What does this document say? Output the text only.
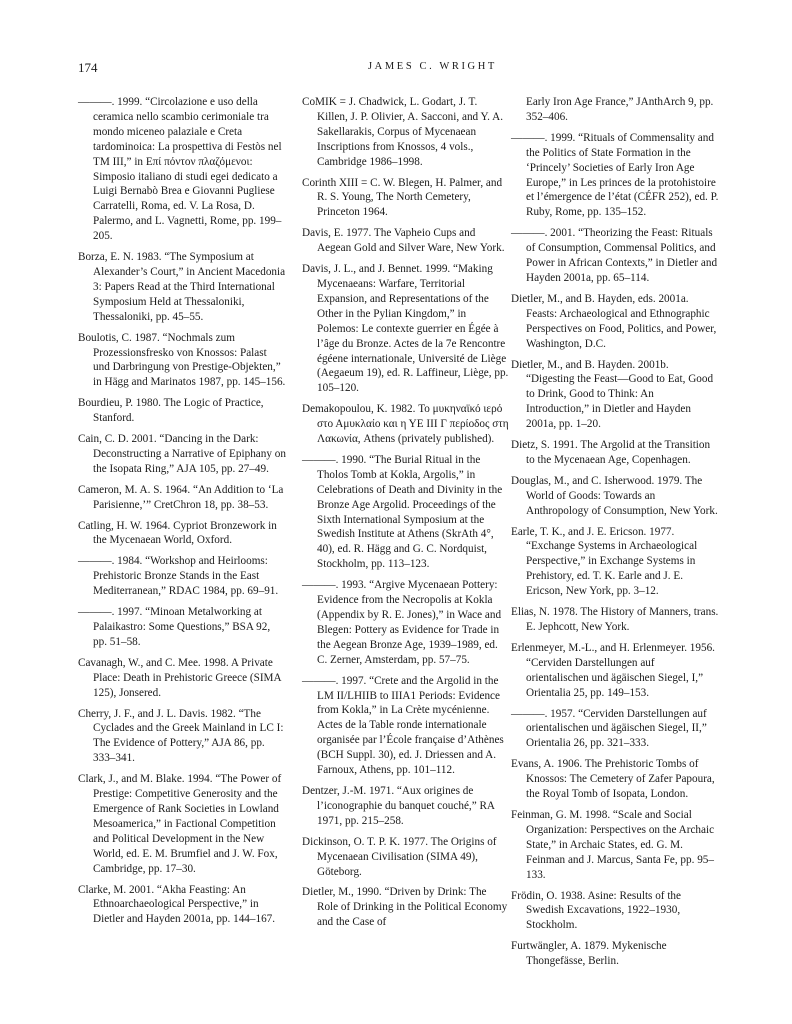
174	JAMES C. WRIGHT

———. 1999. “Circolazione e uso della ceramica nello scambio cerimoniale tra mondo miceneo palaziale e Creta tardominoica: La prospettiva di Festòs nel TM III,” in Επί πόντον πλαζόμενοι: Simposio italiano di studi egei dedicato a Luigi Bernabò Brea e Giovanni Pugliese Carratelli, Roma, ed. V. La Rosa, D. Palermo, and L. Vagnetti, Rome, pp. 199–205.

Borza, E. N. 1983. “The Symposium at Alexander’s Court,” in Ancient Macedonia 3: Papers Read at the Third International Symposium Held at Thessaloniki, Thessaloniki, pp. 45–55.

Boulotis, C. 1987. “Nochmals zum Prozessionsfresko von Knossos: Palast und Darbringung von Prestige-Objekten,” in Hägg and Marinatos 1987, pp. 145–156.

Bourdieu, P. 1980. The Logic of Practice, Stanford.

Cain, C. D. 2001. “Dancing in the Dark: Deconstructing a Narrative of Epiphany on the Isopata Ring,” AJA 105, pp. 27–49.

Cameron, M. A. S. 1964. “An Addition to ‘La Parisienne,’” CretChron 18, pp. 38–53.

Catling, H. W. 1964. Cypriot Bronzework in the Mycenaean World, Oxford.

———. 1984. “Workshop and Heirlooms: Prehistoric Bronze Stands in the East Mediterranean,” RDAC 1984, pp. 69–91.

———. 1997. “Minoan Metalworking at Palaikastro: Some Questions,” BSA 92, pp. 51–58.

Cavanagh, W., and C. Mee. 1998. A Private Place: Death in Prehistoric Greece (SIMA 125), Jonsered.

Cherry, J. F., and J. L. Davis. 1982. “The Cyclades and the Greek Mainland in LC I: The Evidence of Pottery,” AJA 86, pp. 333–341.

Clark, J., and M. Blake. 1994. “The Power of Prestige: Competitive Generosity and the Emergence of Rank Societies in Lowland Mesoamerica,” in Factional Competition and Political Development in the New World, ed. E. M. Brumfiel and J. W. Fox, Cambridge, pp. 17–30.

Clarke, M. 2001. “Akha Feasting: An Ethnoarchaeological Perspective,” in Dietler and Hayden 2001a, pp. 144–167.

CoMIK = J. Chadwick, L. Godart, J. T. Killen, J. P. Olivier, A. Sacconi, and Y. A. Sakellarakis, Corpus of Mycenaean Inscriptions from Knossos, 4 vols., Cambridge 1986–1998.

Corinth XIII = C. W. Blegen, H. Palmer, and R. S. Young, The North Cemetery, Princeton 1964.

Davis, E. 1977. The Vapheio Cups and Aegean Gold and Silver Ware, New York.

Davis, J. L., and J. Bennet. 1999. “Making Mycenaeans: Warfare, Territorial Expansion, and Representations of the Other in the Pylian Kingdom,” in Polemos: Le contexte guerrier en Égée à l’âge du Bronze. Actes de la 7e Rencontre égéene internationale, Université de Liège (Aegaeum 19), ed. R. Laffineur, Liège, pp. 105–120.

Demakopoulou, K. 1982. Το μυκηναϊκό ιερό στο Αμυκλαίο και η ΥΕ ΙΙΙ Γ περίοδος στη Λακωνία, Athens (privately published).

———. 1990. “The Burial Ritual in the Tholos Tomb at Kokla, Argolis,” in Celebrations of Death and Divinity in the Bronze Age Argolid. Proceedings of the Sixth International Symposium at the Swedish Institute at Athens (SkrAth 4°, 40), ed. R. Hägg and G. C. Nordquist, Stockholm, pp. 113–123.

———. 1993. “Argive Mycenaean Pottery: Evidence from the Necropolis at Kokla (Appendix by R. E. Jones),” in Wace and Blegen: Pottery as Evidence for Trade in the Aegean Bronze Age, 1939–1989, ed. C. Zerner, Amsterdam, pp. 57–75.

———. 1997. “Crete and the Argolid in the LM II/LHIIB to IIIA1 Periods: Evidence from Kokla,” in La Crète mycénienne. Actes de la Table ronde internationale organisée par l’École française d’Athènes (BCH Suppl. 30), ed. J. Driessen and A. Farnoux, Athens, pp. 101–112.

Dentzer, J.-M. 1971. “Aux origines de l’iconographie du banquet couché,” RA 1971, pp. 215–258.

Dickinson, O. T. P. K. 1977. The Origins of Mycenaean Civilisation (SIMA 49), Göteborg.

Dietler, M., 1990. “Driven by Drink: The Role of Drinking in the Political Economy and the Case of

Early Iron Age France,” JAnthArch 9, pp. 352–406.

———. 1999. “Rituals of Commensality and the Politics of State Formation in the ‘Princely’ Societies of Early Iron Age Europe,” in Les princes de la protohistoire et l’émergence de l’état (CÉFR 252), ed. P. Ruby, Rome, pp. 135–152.

———. 2001. “Theorizing the Feast: Rituals of Consumption, Commensal Politics, and Power in African Contexts,” in Dietler and Hayden 2001a, pp. 65–114.

Dietler, M., and B. Hayden, eds. 2001a. Feasts: Archaeological and Ethnographic Perspectives on Food, Politics, and Power, Washington, D.C.

Dietler, M., and B. Hayden. 2001b. “Digesting the Feast—Good to Eat, Good to Drink, Good to Think: An Introduction,” in Dietler and Hayden 2001a, pp. 1–20.

Dietz, S. 1991. The Argolid at the Transition to the Mycenaean Age, Copenhagen.

Douglas, M., and C. Isherwood. 1979. The World of Goods: Towards an Anthropology of Consumption, New York.

Earle, T. K., and J. E. Ericson. 1977. “Exchange Systems in Archaeological Perspective,” in Exchange Systems in Prehistory, ed. T. K. Earle and J. E. Ericson, New York, pp. 3–12.

Elias, N. 1978. The History of Manners, trans. E. Jephcott, New York.

Erlenmeyer, M.-L., and H. Erlenmeyer. 1956. “Cerviden Darstellungen auf orientalischen und ägäischen Siegel, I,” Orientalia 25, pp. 149–153.

———. 1957. “Cerviden Darstellungen auf orientalischen und ägäischen Siegel, II,” Orientalia 26, pp. 321–333.

Evans, A. 1906. The Prehistoric Tombs of Knossos: The Cemetery of Zafer Papoura, the Royal Tomb of Isopata, London.

Feinman, G. M. 1998. “Scale and Social Organization: Perspectives on the Archaic State,” in Archaic States, ed. G. M. Feinman and J. Marcus, Santa Fe, pp. 95–133.

Frödin, O. 1938. Asine: Results of the Swedish Excavations, 1922–1930, Stockholm.

Furtwängler, A. 1879. Mykenische Thongefässe, Berlin.
